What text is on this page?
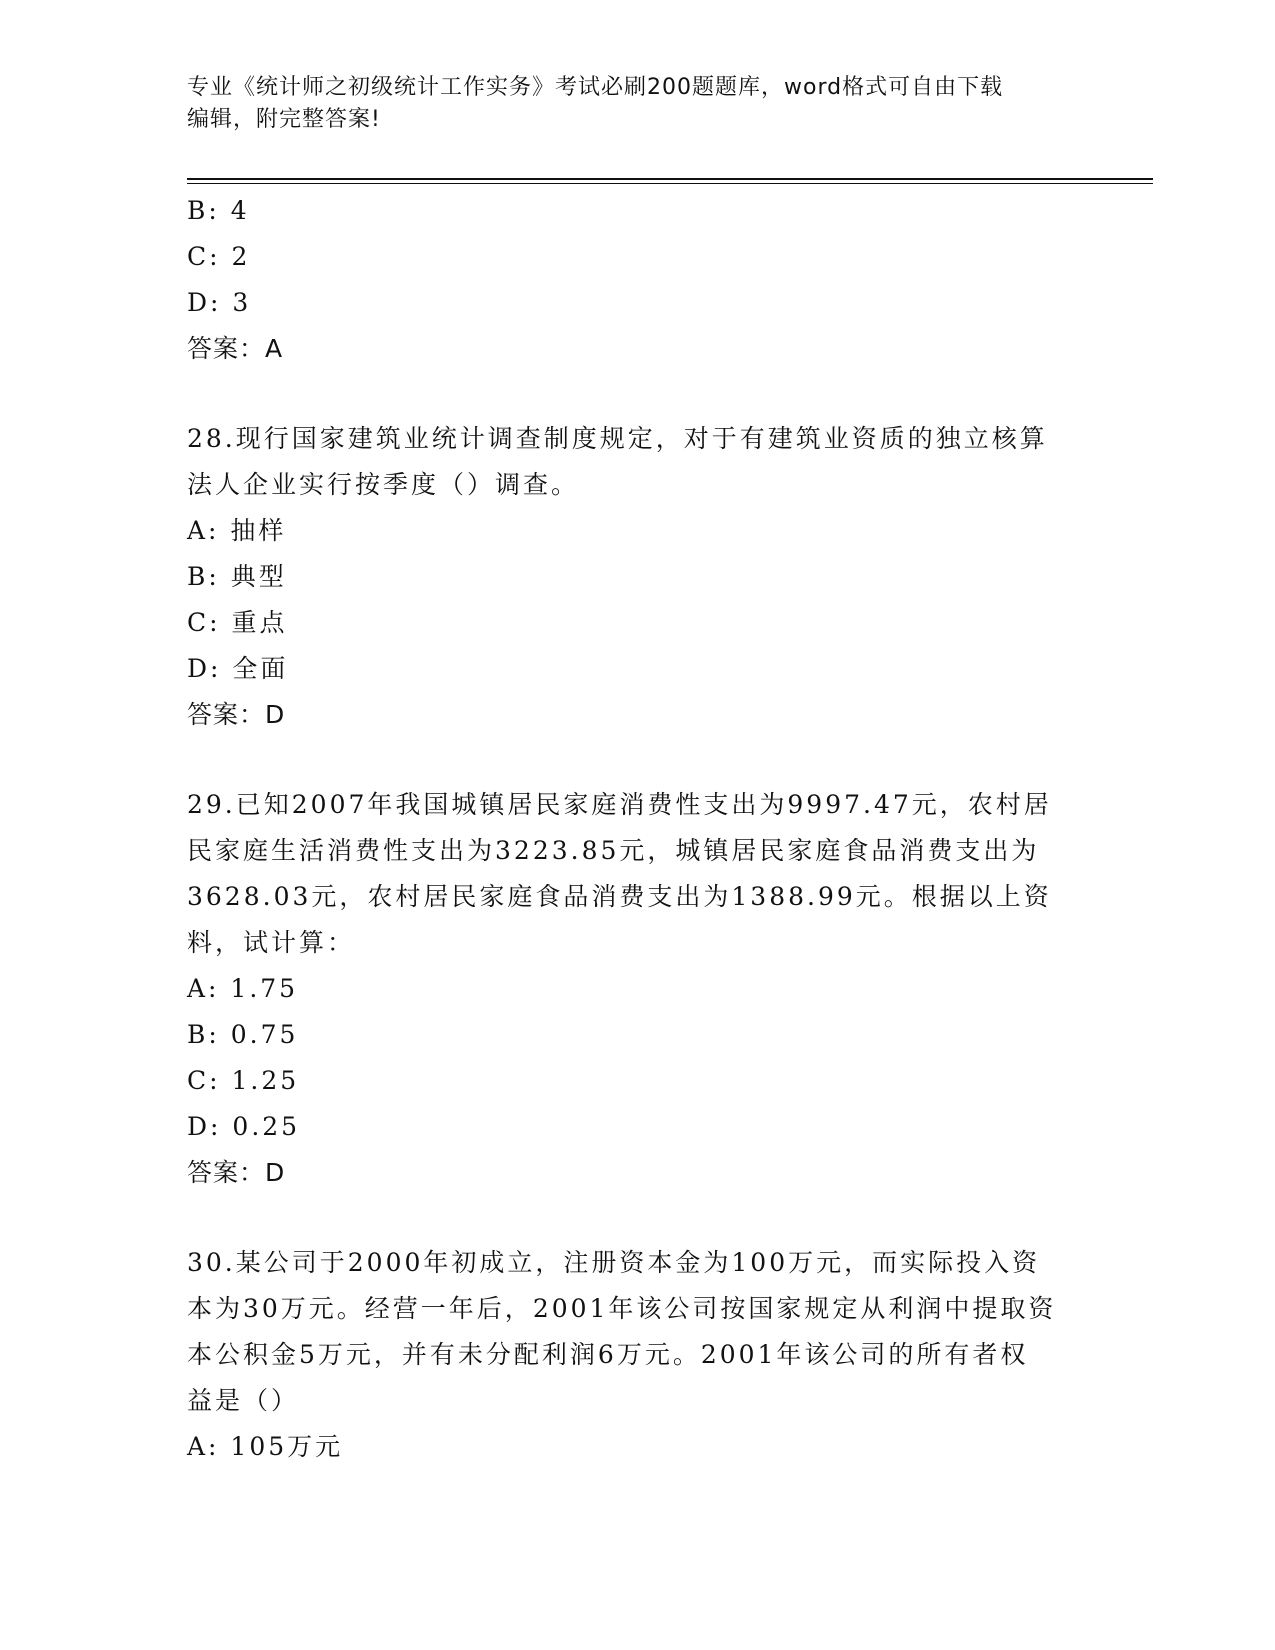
专业《统计师之初级统计工作实务》考试必刷200题题库，word格式可自由下载
编辑，附完整答案!
B: 4
C: 2
D: 3
答案：A
28.现行国家建筑业统计调查制度规定，对于有建筑业资质的独立核算
法人企业实行按季度（）调查。
A: 抽样
B: 典型
C: 重点
D: 全面
答案：D
29.已知2007年我国城镇居民家庭消费性支出为9997.47元，农村居
民家庭生活消费性支出为3223.85元，城镇居民家庭食品消费支出为
3628.03元，农村居民家庭食品消费支出为1388.99元。根据以上资
料，试计算：
A: 1.75
B: 0.75
C: 1.25
D: 0.25
答案：D
30.某公司于2000年初成立，注册资本金为100万元，而实际投入资
本为30万元。经营一年后，2001年该公司按国家规定从利润中提取资
本公积金5万元，并有未分配利润6万元。2001年该公司的所有者权
益是（）
A: 105万元
